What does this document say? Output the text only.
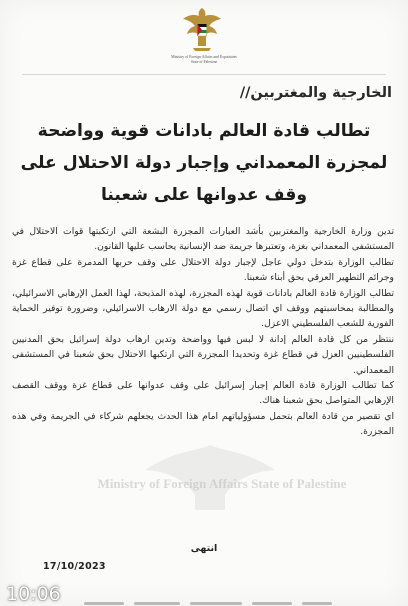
Ministry of Foreign Affairs and Expatriates
State of Palestine
الخارجية والمغتربين//
تطالب قادة العالم بادانات قوية وواضحة لمجزرة المعمداني وإجبار دولة الاحتلال على وقف عدوانها على شعبنا
Ministry of Foreign Affairs State of Palestine

تدين وزارة الخارجية والمغتربين بأشد العبارات المجزرة البشعة التي ارتكبتها قوات الاحتلال في المستشفى المعمداني بغزة، وتعتبرها جريمة ضد الإنسانية يحاسب عليها القانون.

تطالب الوزارة بتدخل دولي عاجل لإجبار دولة الاحتلال على وقف حربها المدمرة على قطاع غزة وجرائم التطهير العرقي بحق أبناء شعبنا.

تطالب الوزارة قادة العالم بادانات قوية لهذه المجزرة، لهذه المذبحة، لهذا العمل الإرهابي الاسرائيلي، والمطالبة بمحاسبتهم ووقف اي اتصال رسمي مع دولة الارهاب الاسرائيلي، وضرورة توفير الحماية الفورية للشعب الفلسطيني الاعزل.

ننتظر من كل قادة العالم إدانة لا لبس فيها وواضحة وتدين ارهاب دولة إسرائيل بحق المدنيين الفلسطينيين العزل في قطاع غزة وتحديدا المجزرة التي ارتكبها الاحتلال بحق شعبنا في المستشفى المعمداني.

كما تطالب الوزارة قادة العالم إجبار إسرائيل على وقف عدوانها على قطاع غزة ووقف القصف الإرهابي المتواصل بحق شعبنا هناك.

اي تقصير من قادة العالم بتحمل مسؤولياتهم امام هذا الحدث يجعلهم شركاء في الجريمة وفي هذه المجزرة.

انتهى
17/10/2023
10:06
